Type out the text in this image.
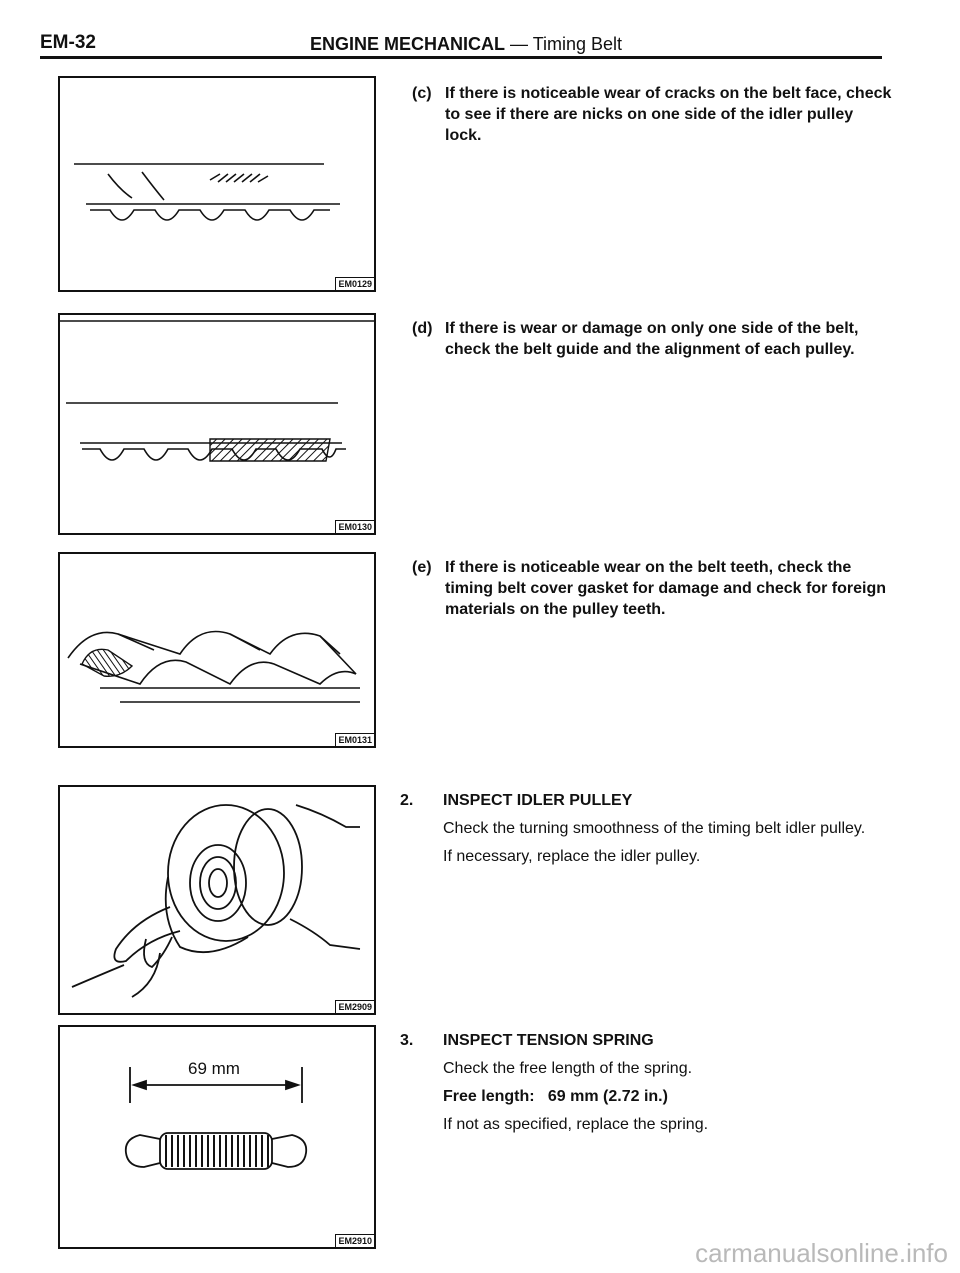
EM-32	ENGINE MECHANICAL — Timing Belt
EM0129
EM0130
EM0131
EM2909
69 mm
EM2910
(c) If there is noticeable wear of cracks on the belt face, check to see if there are nicks on one side of the idler pulley lock.
(d) If there is wear or damage on only one side of the belt, check the belt guide and the alignment of each pulley.
(e) If there is noticeable wear on the belt teeth, check the timing belt cover gasket for damage and check for foreign materials on the pulley teeth.
2. INSPECT IDLER PULLEY

Check the turning smoothness of the timing belt idler pulley.

If necessary, replace the idler pulley.

3. INSPECT TENSION SPRING

Check the free length of the spring.

Free length: 69 mm (2.72 in.)

If not as specified, replace the spring.

carmanualsonline.info
